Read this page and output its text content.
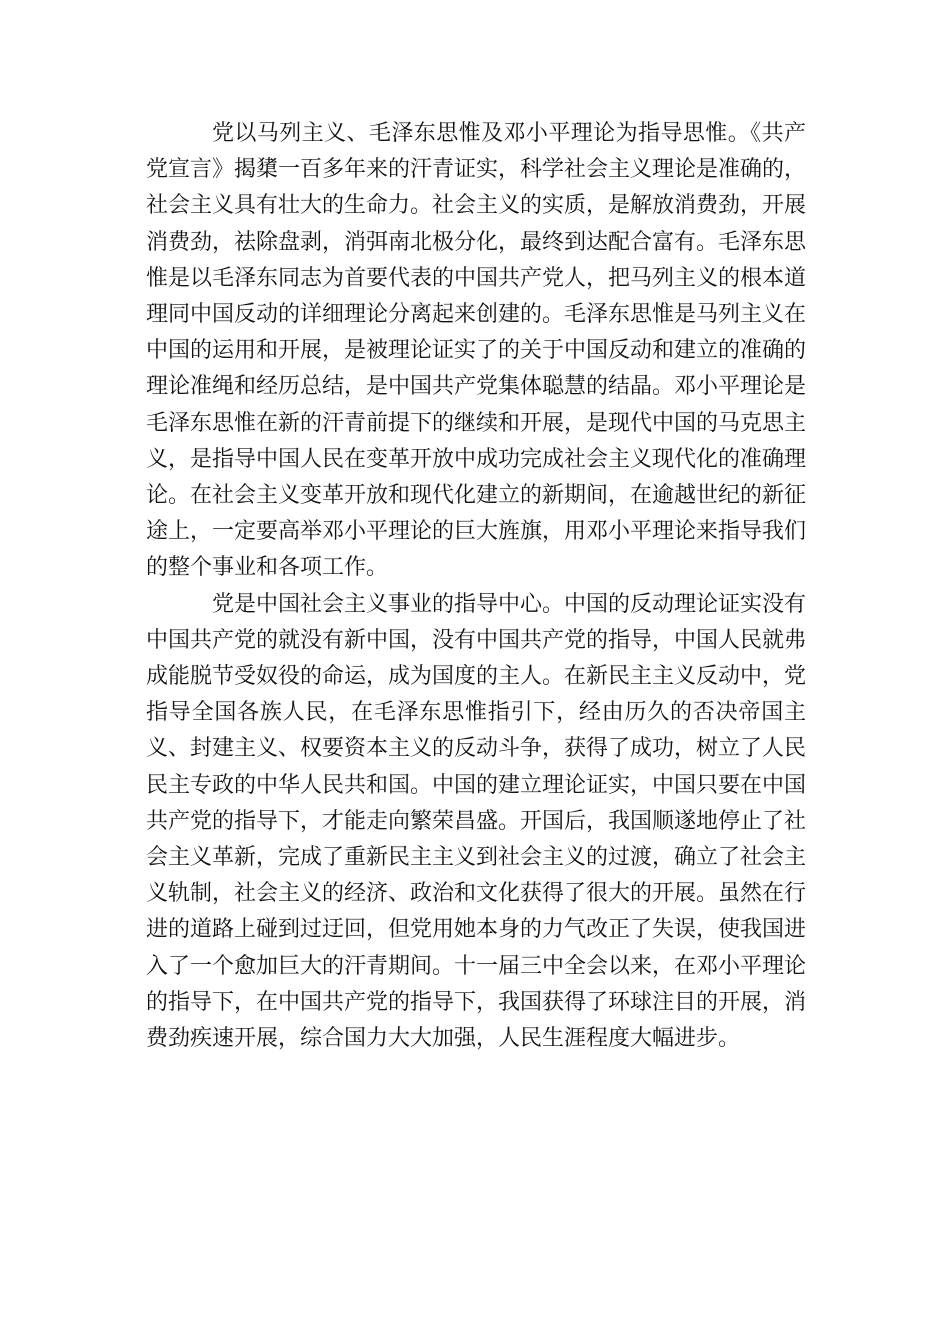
党以马列主义、毛泽东思惟及邓小平理论为指导思惟。《共产党宣言》揭橥一百多年来的汗青证实，科学社会主义理论是准确的，社会主义具有壮大的生命力。社会主义的实质，是解放消费劲，开展消费劲，祛除盘剥，消弭南北极分化，最终到达配合富有。毛泽东思惟是以毛泽东同志为首要代表的中国共产党人，把马列主义的根本道理同中国反动的详细理论分离起来创建的。毛泽东思惟是马列主义在中国的运用和开展，是被理论证实了的关于中国反动和建立的准确的理论准绳和经历总结，是中国共产党集体聪慧的结晶。邓小平理论是毛泽东思惟在新的汗青前提下的继续和开展，是现代中国的马克思主义，是指导中国人民在变革开放中成功完成社会主义现代化的准确理论。在社会主义变革开放和现代化建立的新期间，在逾越世纪的新征途上，一定要高举邓小平理论的巨大旌旗，用邓小平理论来指导我们的整个事业和各项工作。

党是中国社会主义事业的指导中心。中国的反动理论证实没有中国共产党的就没有新中国，没有中国共产党的指导，中国人民就弗成能脱节受奴役的命运，成为国度的主人。在新民主主义反动中，党指导全国各族人民，在毛泽东思惟指引下，经由历久的否决帝国主义、封建主义、权要资本主义的反动斗争，获得了成功，树立了人民民主专政的中华人民共和国。中国的建立理论证实，中国只要在中国共产党的指导下，才能走向繁荣昌盛。开国后，我国顺遂地停止了社会主义革新，完成了重新民主主义到社会主义的过渡，确立了社会主义轨制，社会主义的经济、政治和文化获得了很大的开展。虽然在行进的道路上碰到过迂回，但党用她本身的力气改正了失误，使我国进入了一个愈加巨大的汗青期间。十一届三中全会以来，在邓小平理论的指导下，在中国共产党的指导下，我国获得了环球注目的开展，消费劲疾速开展，综合国力大大加强，人民生涯程度大幅进步。
